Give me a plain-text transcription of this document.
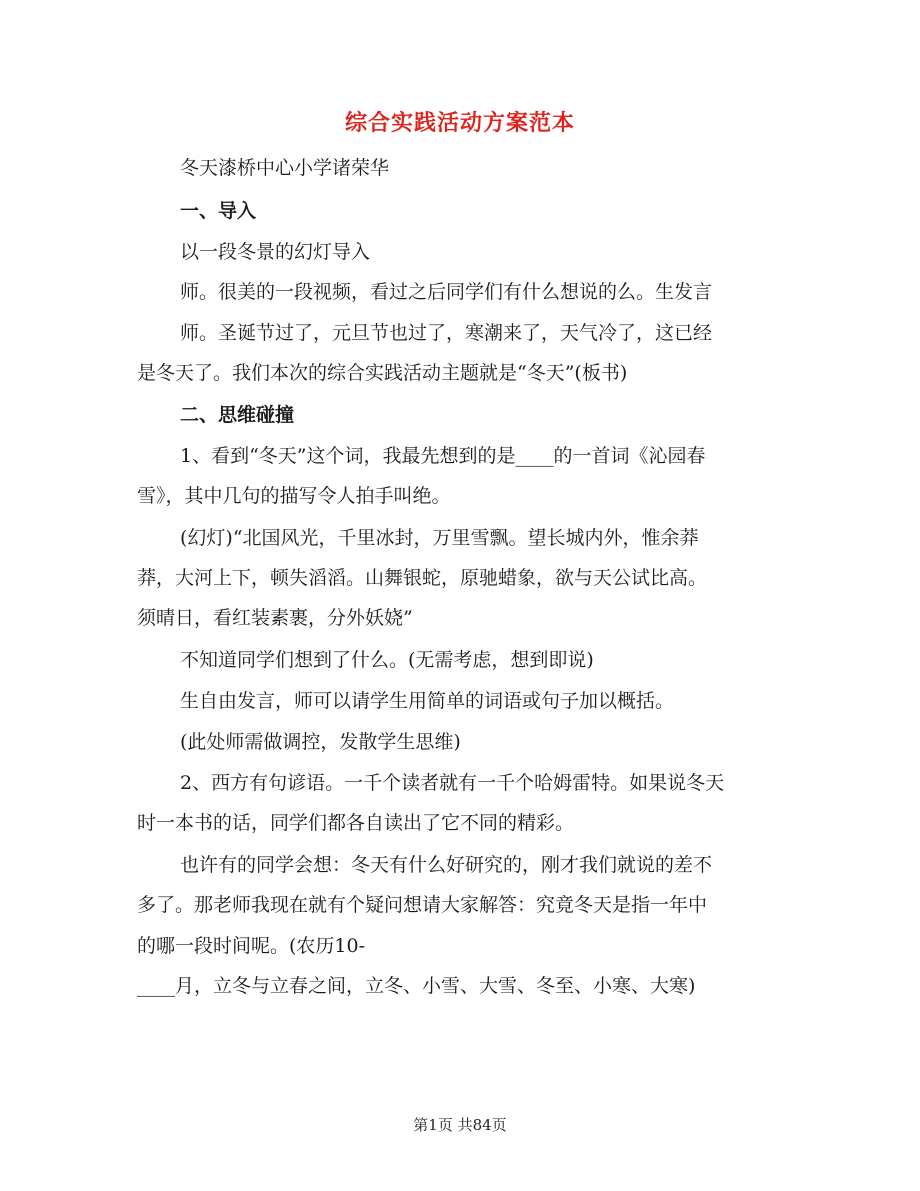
综合实践活动方案范本
冬天漆桥中心小学诸荣华
一、导入
以一段冬景的幻灯导入
师。很美的一段视频，看过之后同学们有什么想说的么。生发言
师。圣诞节过了，元旦节也过了，寒潮来了，天气冷了，这已经
是冬天了。我们本次的综合实践活动主题就是“冬天”(板书)
二、思维碰撞
1、看到“冬天”这个词，我最先想到的是____的一首词《沁园春
雪》，其中几句的描写令人拍手叫绝。
(幻灯)“北国风光，千里冰封，万里雪飘。望长城内外，惟余莽
莽，大河上下，顿失滔滔。山舞银蛇，原驰蜡象，欲与天公试比高。
须晴日，看红装素裹，分外妖娆”
不知道同学们想到了什么。(无需考虑，想到即说)
生自由发言，师可以请学生用简单的词语或句子加以概括。
(此处师需做调控，发散学生思维)
2、西方有句谚语。一千个读者就有一千个哈姆雷特。如果说冬天
时一本书的话，同学们都各自读出了它不同的精彩。
也许有的同学会想：冬天有什么好研究的，刚才我们就说的差不
多了。那老师我现在就有个疑问想请大家解答：究竟冬天是指一年中
的哪一段时间呢。(农历10-
____月，立冬与立春之间，立冬、小雪、大雪、冬至、小寒、大寒)
第1页 共84页
